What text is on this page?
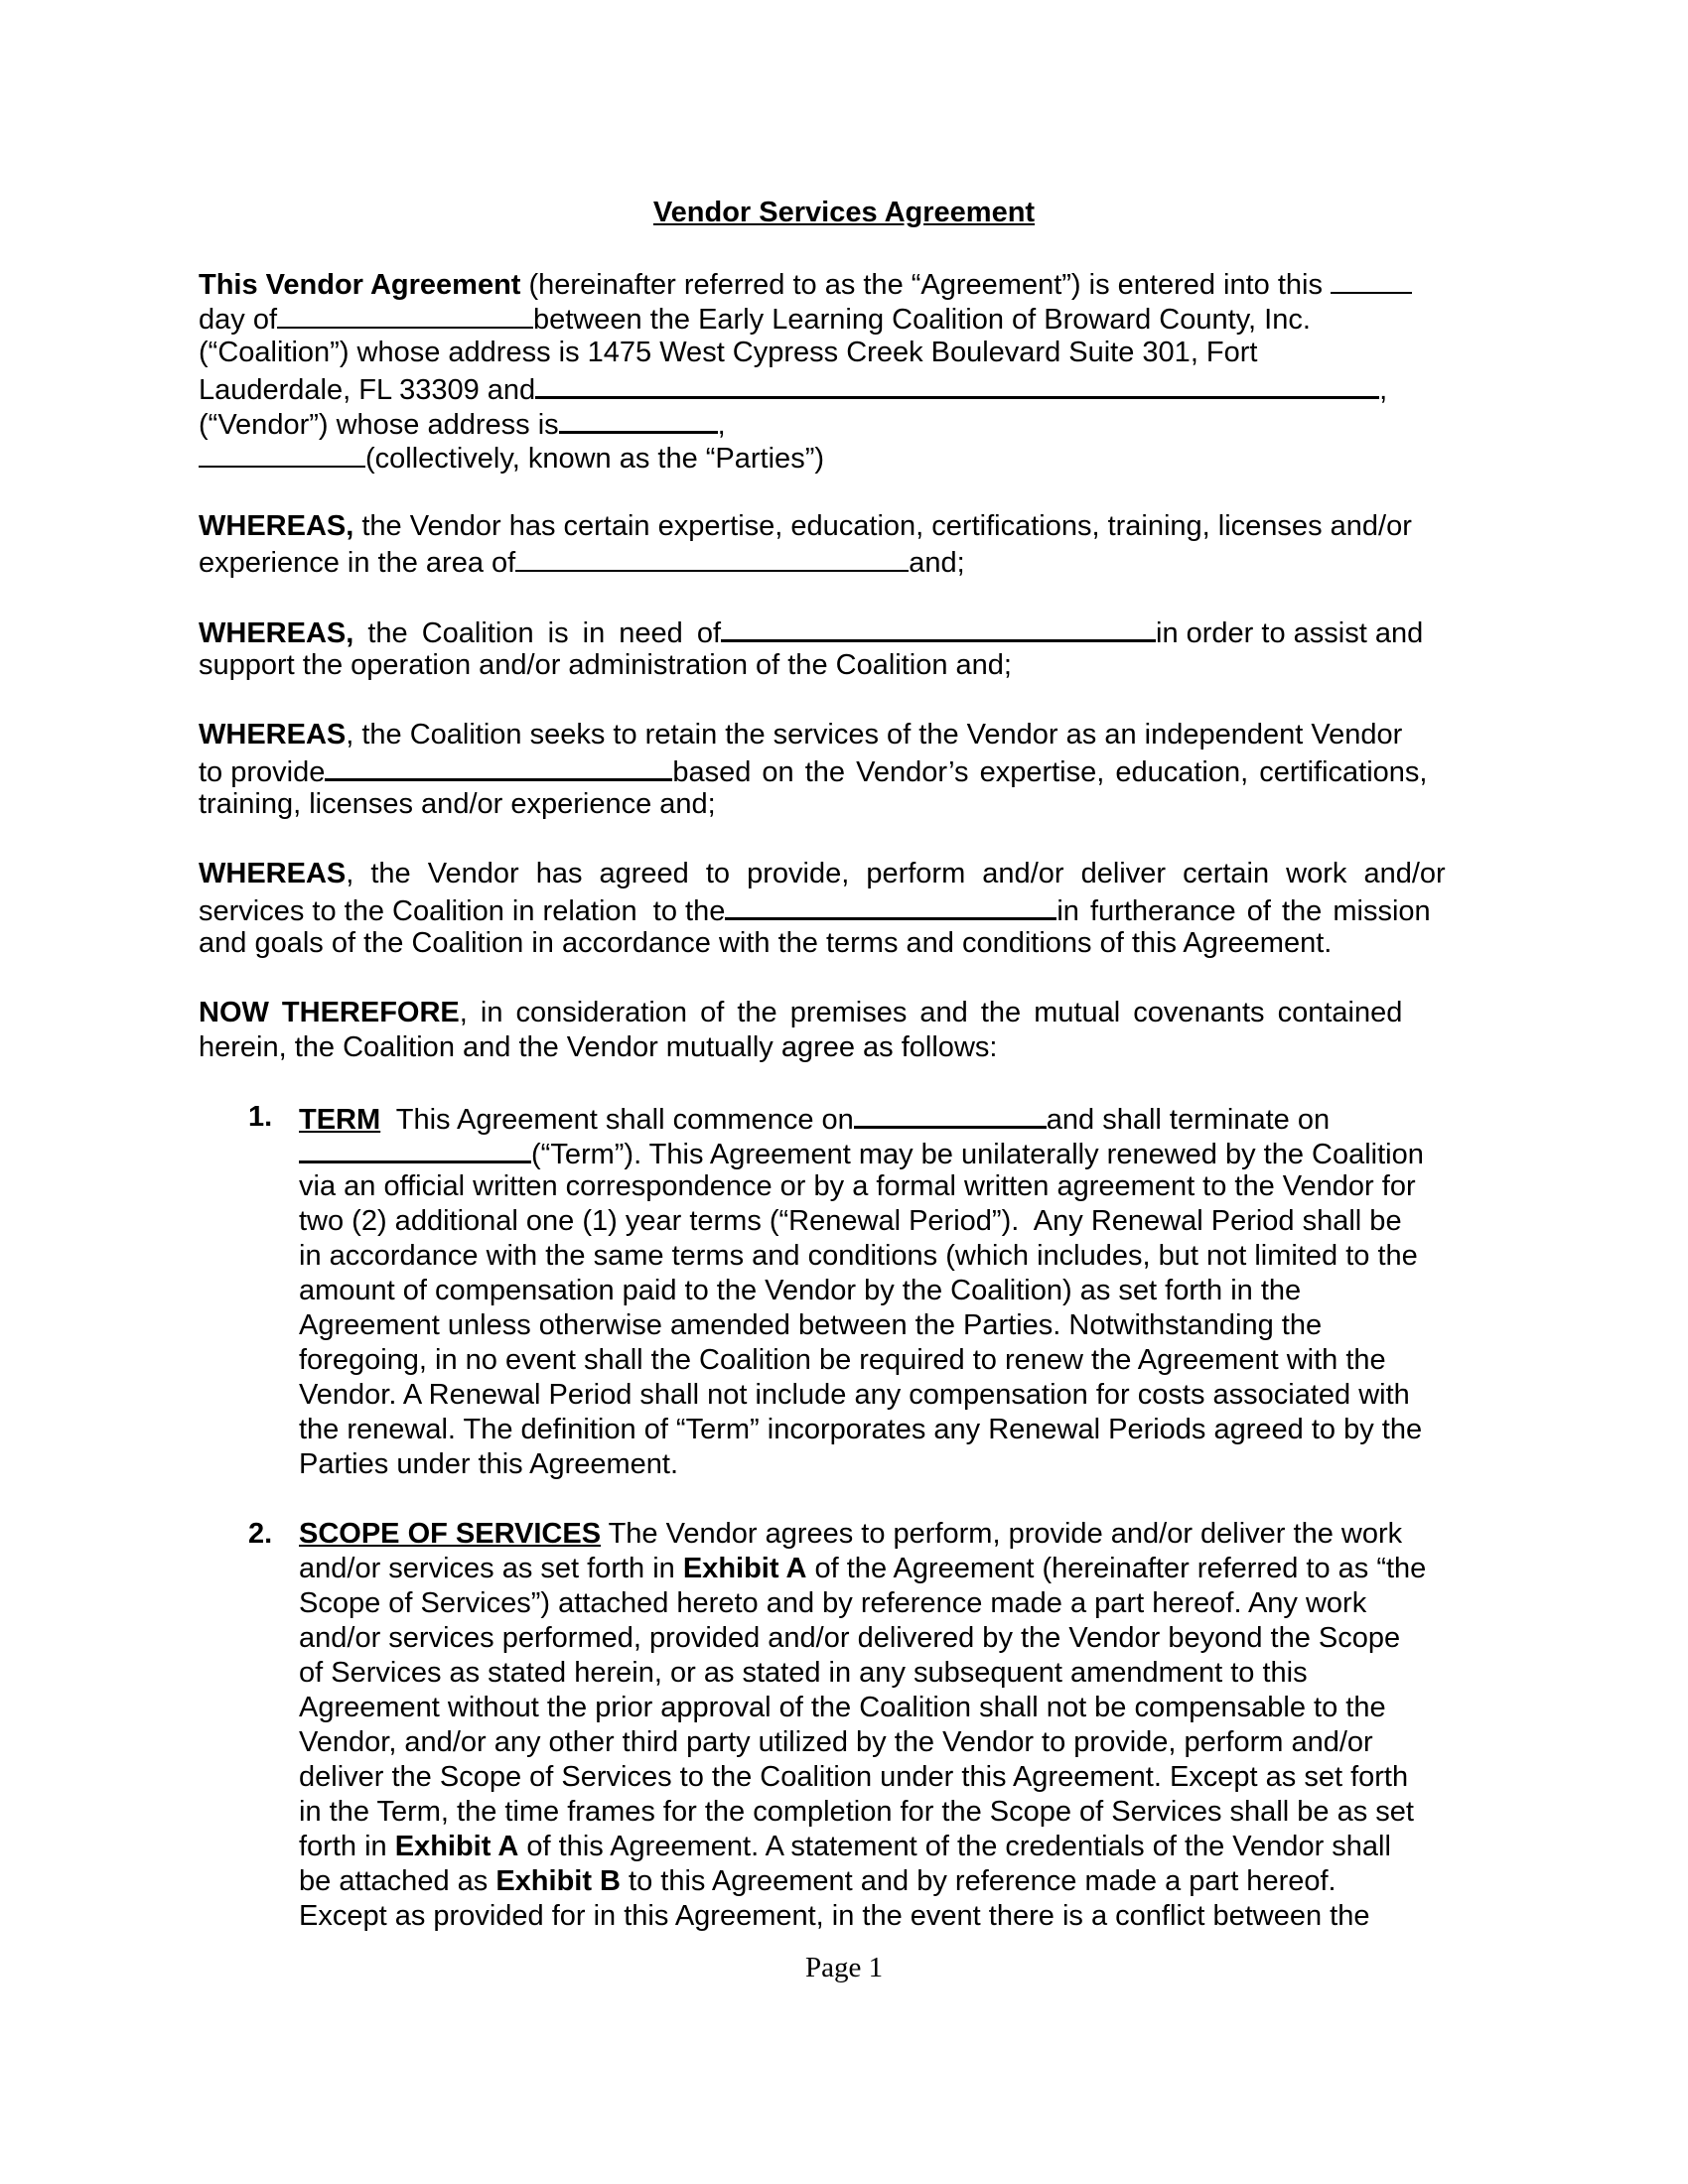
Vendor Services Agreement
This Vendor Agreement (hereinafter referred to as the “Agreement”) is entered into this
day of	between the Early Learning Coalition of Broward County, Inc.
(“Coalition”) whose address is 1475 West Cypress Creek Boulevard Suite 301, Fort
Lauderdale, FL 33309 and	,
(“Vendor”) whose address is	,
(collectively, known as the “Parties”)
WHEREAS, the Vendor has certain expertise, education, certifications, training, licenses and/or
experience in the area of	and;
WHEREAS, the Coalition is in need of	in order to assist and
support the operation and/or administration of the Coalition and;
WHEREAS, the Coalition seeks to retain the services of the Vendor as an independent Vendor
to provide	based on the Vendor’s expertise, education, certifications,
training, licenses and/or experience and;
WHEREAS, the Vendor has agreed to provide, perform and/or deliver certain work and/or
services to the Coalition in relation  to the	in furtherance of the mission
and goals of the Coalition in accordance with the terms and conditions of this Agreement.
NOW THEREFORE, in consideration of the premises and the mutual covenants contained
herein, the Coalition and the Vendor mutually agree as follows:
1. TERM  This Agreement shall commence on	and shall terminate on
(“Term”). This Agreement may be unilaterally renewed by the Coalition
via an official written correspondence or by a formal written agreement to the Vendor for
two (2) additional one (1) year terms (“Renewal Period”).  Any Renewal Period shall be
in accordance with the same terms and conditions (which includes, but not limited to the
amount of compensation paid to the Vendor by the Coalition) as set forth in the
Agreement unless otherwise amended between the Parties. Notwithstanding the
foregoing, in no event shall the Coalition be required to renew the Agreement with the
Vendor. A Renewal Period shall not include any compensation for costs associated with
the renewal. The definition of “Term” incorporates any Renewal Periods agreed to by the
Parties under this Agreement.
2. SCOPE OF SERVICES The Vendor agrees to perform, provide and/or deliver the work
and/or services as set forth in Exhibit A of the Agreement (hereinafter referred to as “the
Scope of Services”) attached hereto and by reference made a part hereof. Any work
and/or services performed, provided and/or delivered by the Vendor beyond the Scope
of Services as stated herein, or as stated in any subsequent amendment to this
Agreement without the prior approval of the Coalition shall not be compensable to the
Vendor, and/or any other third party utilized by the Vendor to provide, perform and/or
deliver the Scope of Services to the Coalition under this Agreement. Except as set forth
in the Term, the time frames for the completion for the Scope of Services shall be as set
forth in Exhibit A of this Agreement. A statement of the credentials of the Vendor shall
be attached as Exhibit B to this Agreement and by reference made a part hereof.
Except as provided for in this Agreement, in the event there is a conflict between the
Page 1
